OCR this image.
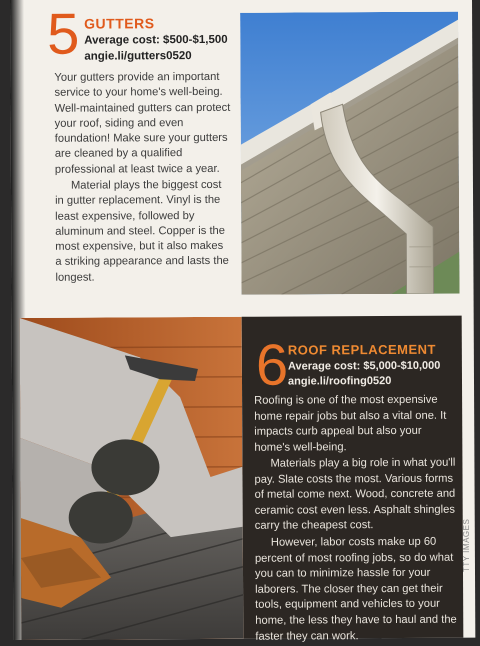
5 GUTTERS
Average cost: $500-$1,500
angie.li/gutters0520
Your gutters provide an important service to your home's well-being. Well-maintained gutters can protect your roof, siding and even foundation! Make sure your gutters are cleaned by a qualified professional at least twice a year.
Material plays the biggest cost in gutter replacement. Vinyl is the least expensive, followed by aluminum and steel. Copper is the most expensive, but it also makes a striking appearance and lasts the longest.
6 ROOF REPLACEMENT
Average cost: $5,000-$10,000
angie.li/roofing0520
Roofing is one of the most expensive home repair jobs but also a vital one. It impacts curb appeal but also your home's well-being.
Materials play a big role in what you'll pay. Slate costs the most. Various forms of metal come next. Wood, concrete and ceramic cost even less. Asphalt shingles carry the cheapest cost.
However, labor costs make up 60 percent of most roofing jobs, so do what you can to minimize hassle for your laborers. The closer they can get their tools, equipment and vehicles to your home, the less they have to haul and the faster they can work.
TTY IMAGES
